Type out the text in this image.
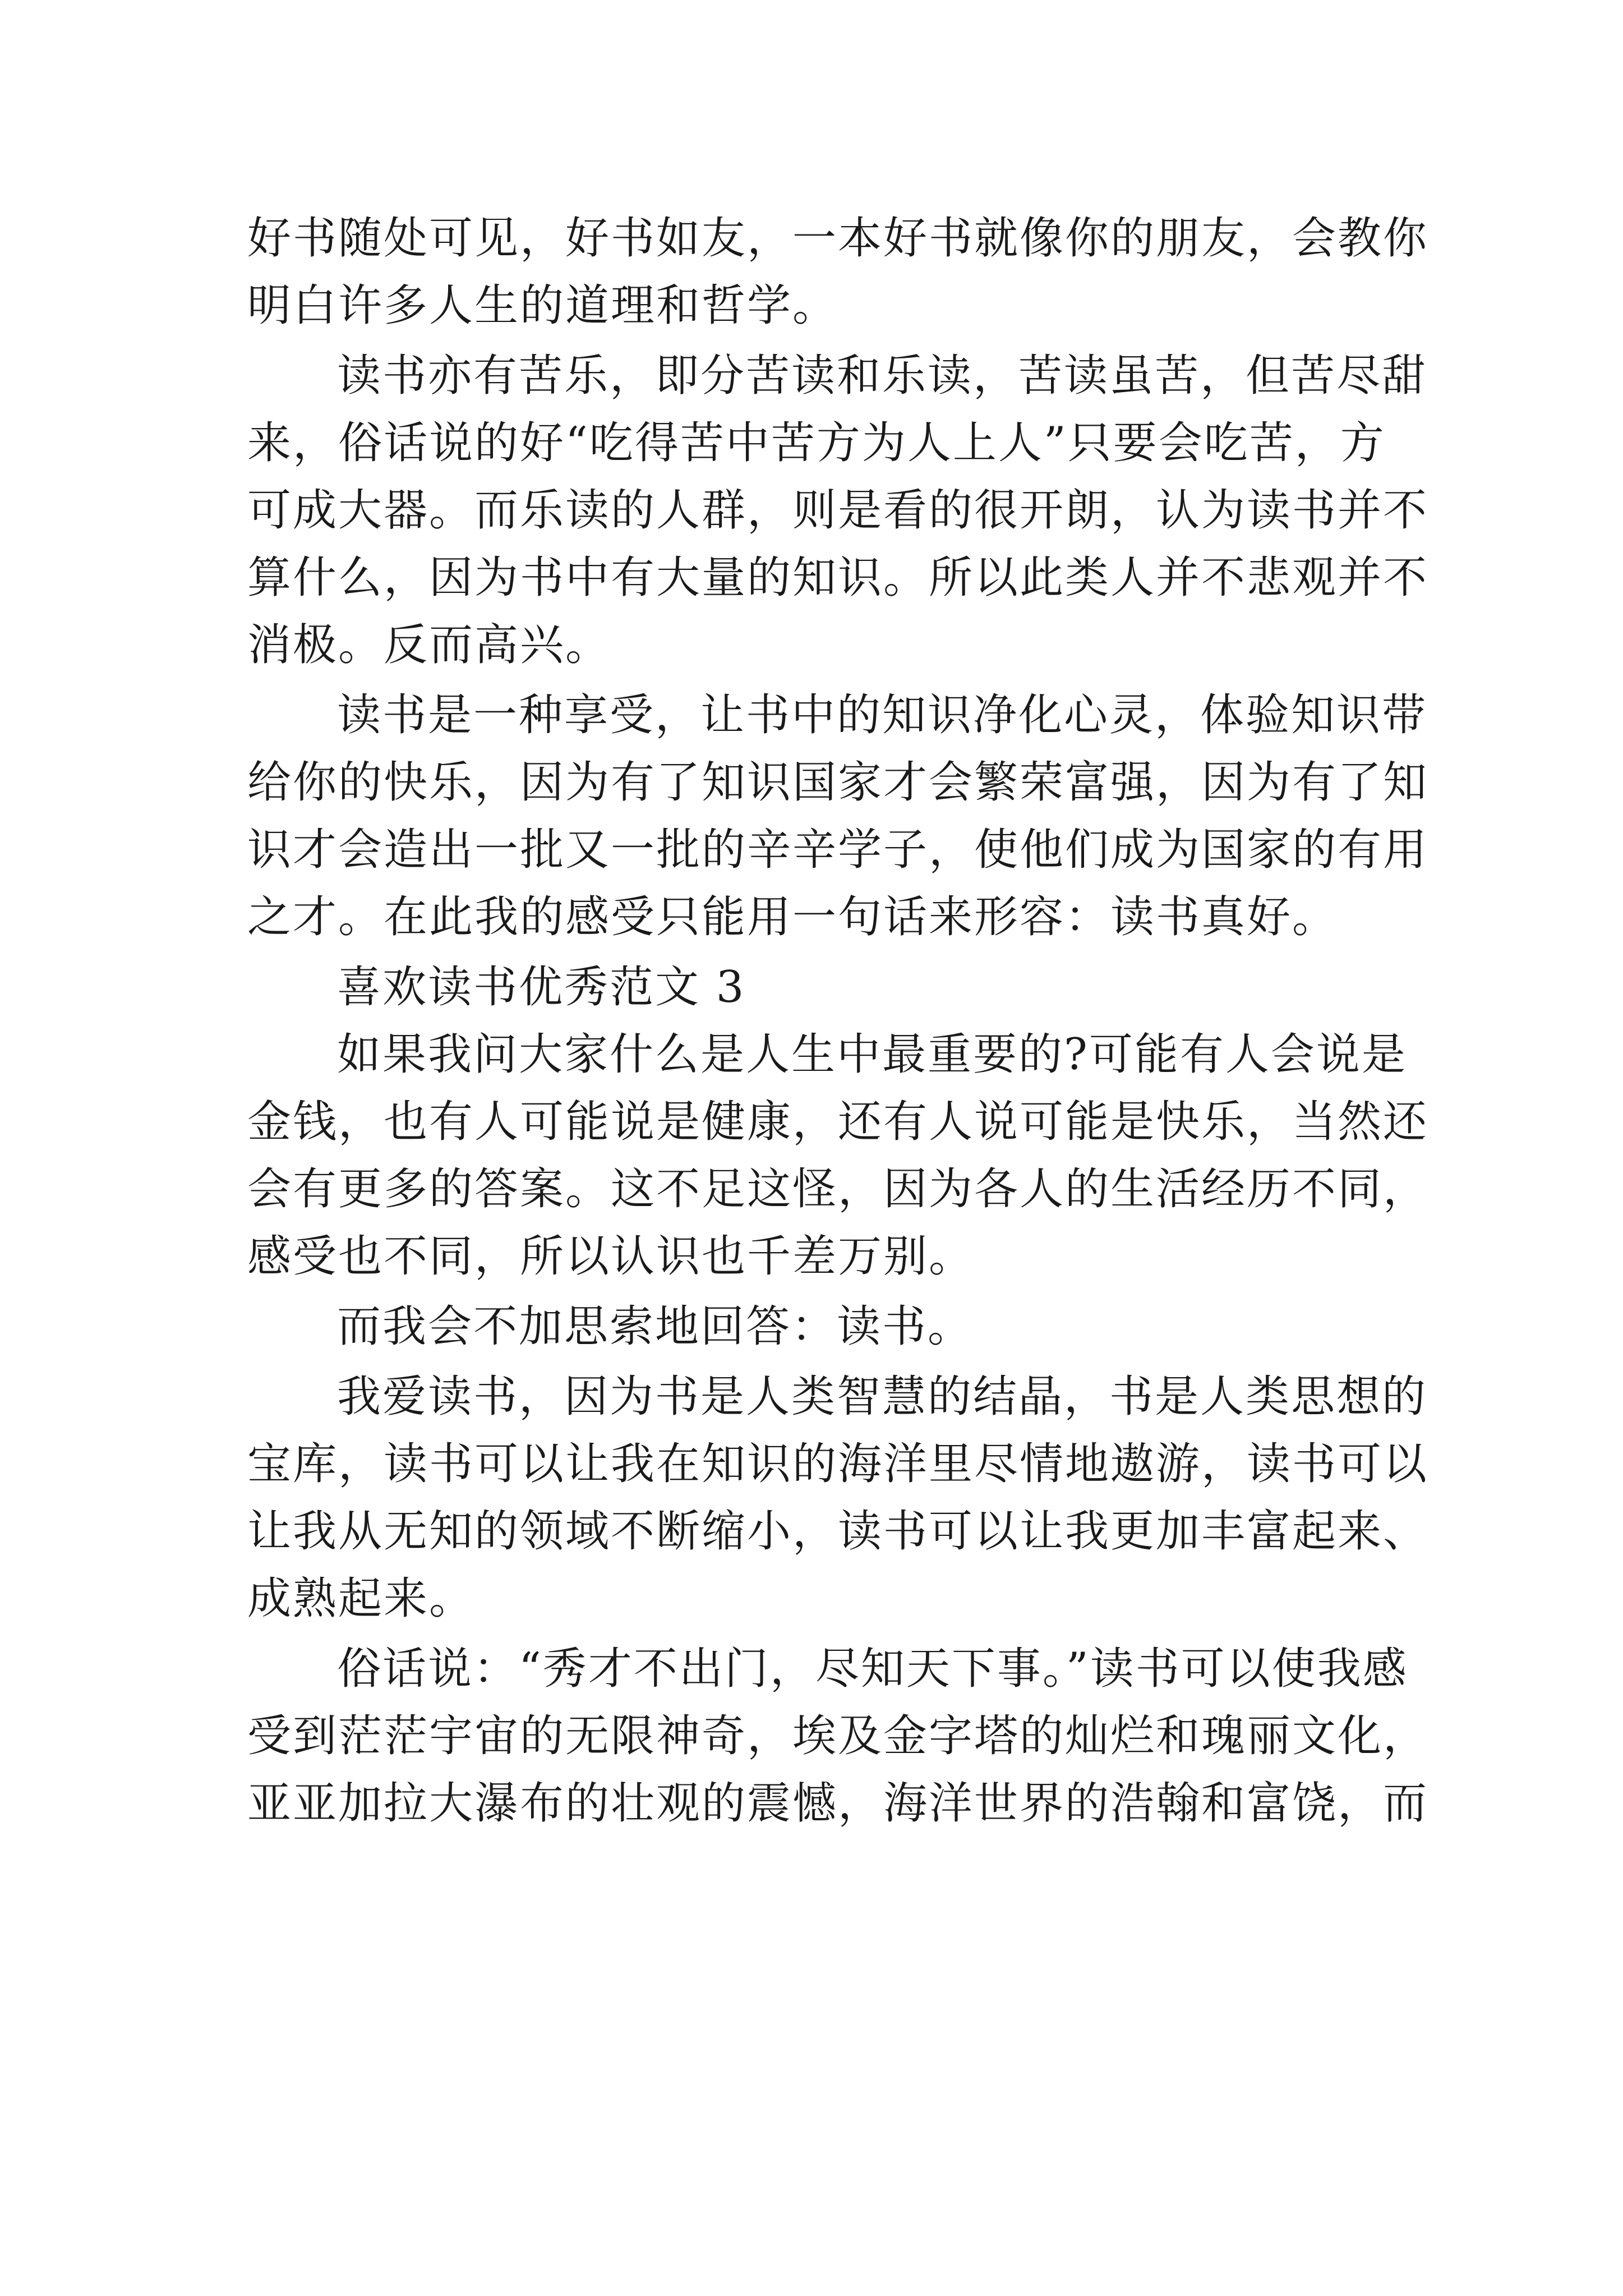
好书随处可见，好书如友，一本好书就像你的朋友，会教你
明白许多人生的道理和哲学。
读书亦有苦乐，即分苦读和乐读，苦读虽苦，但苦尽甜
来，俗话说的好“吃得苦中苦方为人上人”只要会吃苦，方
可成大器。而乐读的人群，则是看的很开朗，认为读书并不
算什么，因为书中有大量的知识。所以此类人并不悲观并不
消极。反而高兴。
读书是一种享受，让书中的知识净化心灵，体验知识带
给你的快乐，因为有了知识国家才会繁荣富强，因为有了知
识才会造出一批又一批的辛辛学子，使他们成为国家的有用
之才。在此我的感受只能用一句话来形容：读书真好。
喜欢读书优秀范文 3
如果我问大家什么是人生中最重要的?可能有人会说是
金钱，也有人可能说是健康，还有人说可能是快乐，当然还
会有更多的答案。这不足这怪，因为各人的生活经历不同，
感受也不同，所以认识也千差万别。
而我会不加思索地回答：读书。
我爱读书，因为书是人类智慧的结晶，书是人类思想的
宝库，读书可以让我在知识的海洋里尽情地遨游，读书可以
让我从无知的领域不断缩小，读书可以让我更加丰富起来、
成熟起来。
俗话说：“秀才不出门，尽知天下事。”读书可以使我感
受到茫茫宇宙的无限神奇，埃及金字塔的灿烂和瑰丽文化，
亚亚加拉大瀑布的壮观的震憾，海洋世界的浩翰和富饶，而
